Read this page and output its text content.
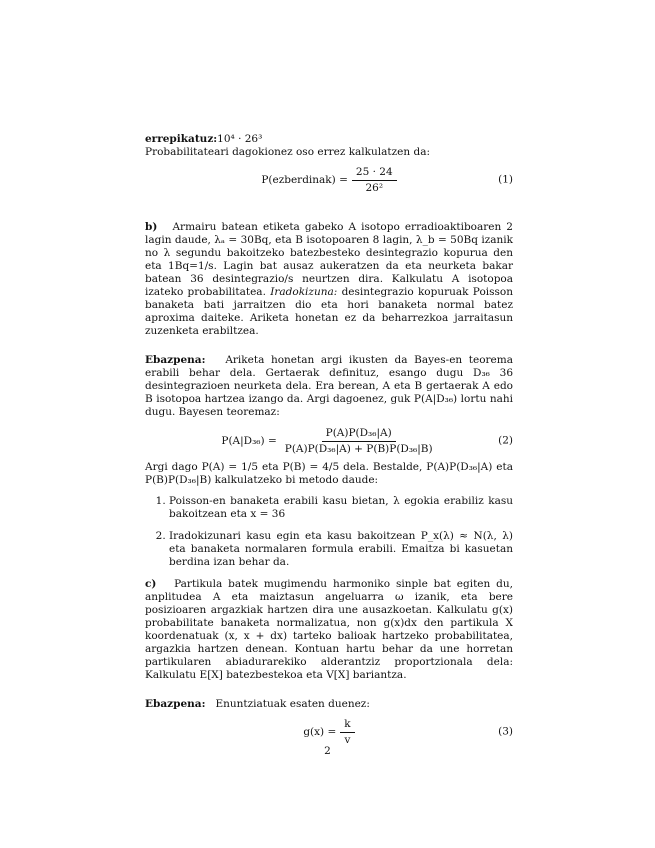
errepikatuz:10⁴ · 26³

Probabilitateari dagokionez oso errez kalkulatzen da:

P(ezberdinak) = $\frac{25 \cdot 24}{\text{26²}}$	(1)

b) Armairu batean etiketa gabeko A isotopo erradioaktiboaren 2 lagin daude, λₐ = 30Bq, eta B isotopoaren 8 lagin, λ_b = 50Bq izanik no λ segundu bakoitzeko batezbesteko desintegrazio kopurua den eta 1Bq=1/s. Lagin bat ausaz aukeratzen da eta neurketa bakar batean 36 desintegrazio/s neurtzen dira. Kalkulatu A isotopoa izateko probabilitatea. Iradokizuna: desintegrazio kopuruak Poisson banaketa bati jarraitzen dio eta hori banaketa normal batez aproxima daiteke. Ariketa honetan ez da beharrezkoa jarraitasun zuzenketa erabiltzea.

Ebazpena: Ariketa honetan argi ikusten da Bayes-en teorema erabili behar dela. Gertaerak definituz, esango dugu D₃₆ 36 desintegrazioen neurketa dela. Era berean, A eta B gertaerak A edo B isotopoa hartzea izango da. Argi dagoenez, guk P(A|D₃₆) lortu nahi dugu. Bayesen teoremaz:

$P(A|D_{36}) = \frac{\text{P(A)P(D₃₆|A)}}{\text{P(A)P(D₃₆|A) + P(B)P(D₃₆|B)}}$	(2)

Argi dago P(A) = 1/5 eta P(B) = 4/5 dela. Bestalde, P(A)P(D₃₆|A) eta P(B)P(D₃₆|B) kalkulatzeko bi metodo daude:

1. Poisson-en banaketa erabili kasu bietan, λ egokia erabiliz kasu bakoitzean eta x = 36
2. Iradokizunari kasu egin eta kasu bakoitzean P_x(λ) ≈ N(λ, λ) eta banaketa normalaren formula erabili. Emaitza bi kasuetan berdina izan behar da.

c) Partikula batek mugimendu harmoniko sinple bat egiten du, anplitudea A eta maiztasun angeluarra ω izanik, eta bere posizioaren argazkiak hartzen dira une ausazkoetan. Kalkulatu g(x) probabilitate banaketa normalizatua, non g(x)dx den partikula X koordenatuak (x, x + dx) tarteko balioak hartzeko probabilitatea, argazkia hartzen denean. Kontuan hartu behar da une horretan partikularen abiadurarekiko alderantziz proportzionala dela: Kalkulatu E[X] batezbestekoa eta V[X] bariantza.

Ebazpena: Enuntziatuak esaten duenez:

$g(x) = \frac{k}{v}$	(3)
2
